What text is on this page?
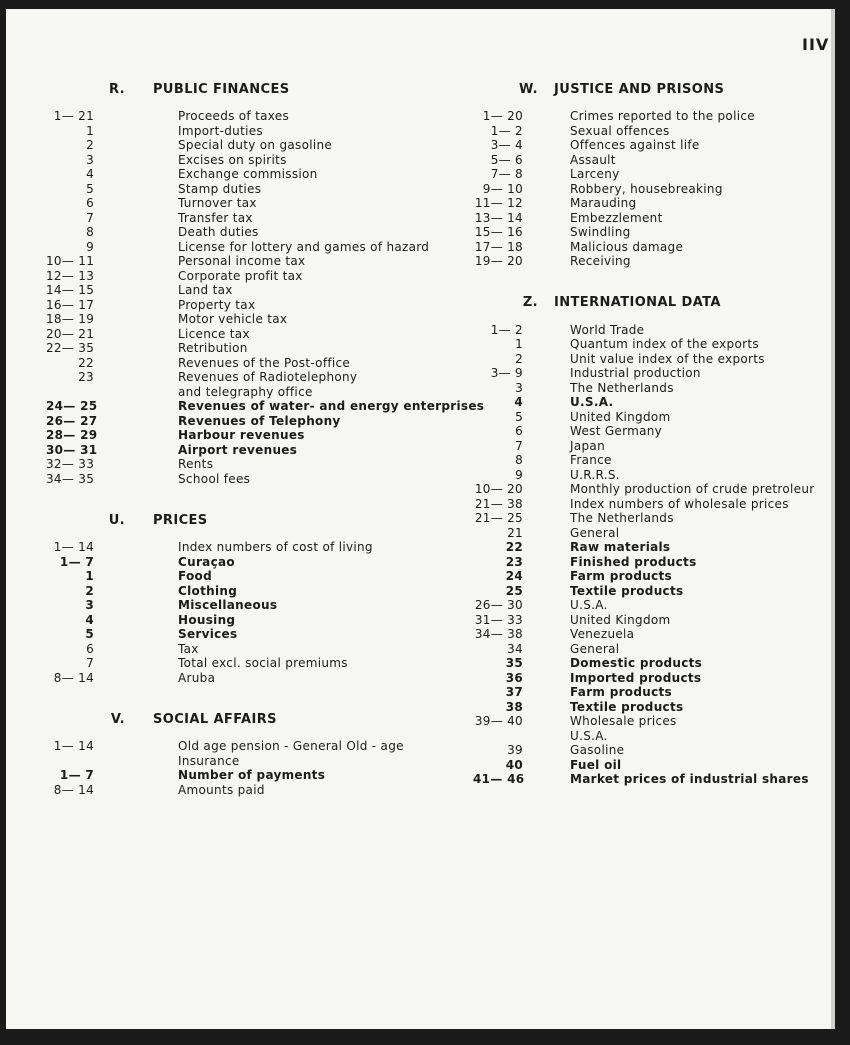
IIV
R.	PUBLIC FINANCES
1— 21	Proceeds of taxes
1	Import-duties
2	Special duty on gasoline
3	Excises on spirits
4	Exchange commission
5	Stamp duties
6	Turnover tax
7	Transfer tax
8	Death duties
9	License for lottery and games of hazard
10— 11	Personal income tax
12— 13	Corporate profit tax
14— 15	Land tax
16— 17	Property tax
18— 19	Motor vehicle tax
20— 21	Licence tax
22— 35	Retribution
22	Revenues of the Post-office
23	Revenues of Radiotelephony
and telegraphy office
24— 25	Revenues of water- and energy enterprises
26— 27	Revenues of Telephony
28— 29	Harbour revenues
30— 31	Airport revenues
32— 33	Rents
34— 35	School fees
U.	PRICES
1— 14	Index numbers of cost of living
1— 7	Curaçao
1	Food
2	Clothing
3	Miscellaneous
4	Housing
5	Services
6	Tax
7	Total excl. social premiums
8— 14	Aruba
V.	SOCIAL AFFAIRS
1— 14	Old age pension - General Old - age
Insurance
1— 7	Number of payments
8— 14	Amounts paid
W.	JUSTICE AND PRISONS
1— 20	Crimes reported to the police
1— 2	Sexual offences
3— 4	Offences against life
5— 6	Assault
7— 8	Larceny
9— 10	Robbery, housebreaking
11— 12	Marauding
13— 14	Embezzlement
15— 16	Swindling
17— 18	Malicious damage
19— 20	Receiving
Z.	INTERNATIONAL DATA
1— 2	World Trade
1	Quantum index of the exports
2	Unit value index of the exports
3— 9	Industrial production
3	The Netherlands
4	U.S.A.
5	United Kingdom
6	West Germany
7	Japan
8	France
9	U.R.R.S.
10— 20	Monthly production of crude pretroleur
21— 38	Index numbers of wholesale prices
21— 25	The Netherlands
21	General
22	Raw materials
23	Finished products
24	Farm products
25	Textile products
26— 30	U.S.A.
31— 33	United Kingdom
34— 38	Venezuela
34	General
35	Domestic products
36	Imported products
37	Farm products
38	Textile products
39— 40	Wholesale prices
U.S.A.
39	Gasoline
40	Fuel oil
41— 46	Market prices of industrial shares
